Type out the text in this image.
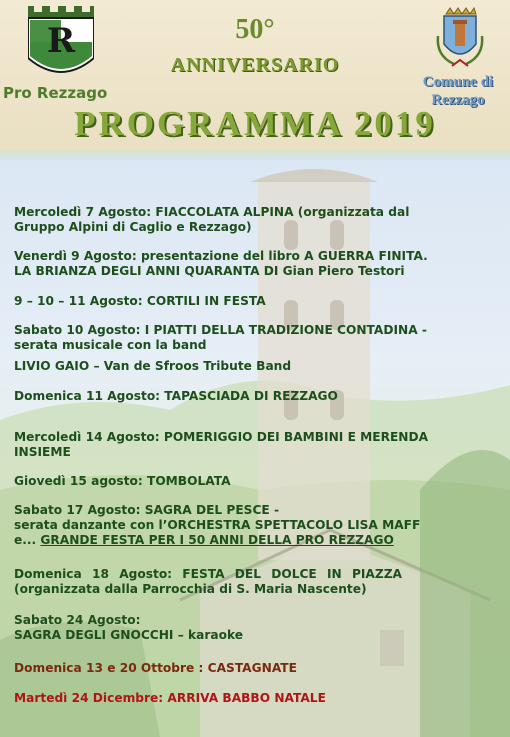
R
Pro Rezzago
50°
ANNIVERSARIO
Comune di
Rezzago
PROGRAMMA 2019

Mercoledì 7 Agosto: FIACCOLATA ALPINA (organizzata dal
Gruppo Alpini di Caglio e Rezzago)

Venerdì 9 Agosto: presentazione del libro A GUERRA FINITA.
LA BRIANZA DEGLI ANNI QUARANTA DI Gian Piero Testori

9 – 10 – 11 Agosto: CORTILI IN FESTA

Sabato 10 Agosto: I PIATTI DELLA TRADIZIONE CONTADINA -
serata musicale con la band

LIVIO GAIO – Van de Sfroos Tribute Band

Domenica 11 Agosto: TAPASCIADA DI REZZAGO

Mercoledì 14 Agosto: POMERIGGIO DEI BAMBINI E MERENDA
INSIEME

Giovedì 15 agosto: TOMBOLATA

Sabato 17 Agosto: SAGRA DEL PESCE -
serata danzante con l’ORCHESTRA SPETTACOLO LISA MAFF
e... GRANDE FESTA PER I 50 ANNI DELLA PRO REZZAGO

Domenica 18 Agosto: FESTA DEL DOLCE IN PIAZZA
(organizzata dalla Parrocchia di S. Maria Nascente)

Sabato 24 Agosto:
SAGRA DEGLI GNOCCHI – karaoke

Domenica 13 e 20 Ottobre : CASTAGNATE

Martedì 24 Dicembre: ARRIVA BABBO NATALE
